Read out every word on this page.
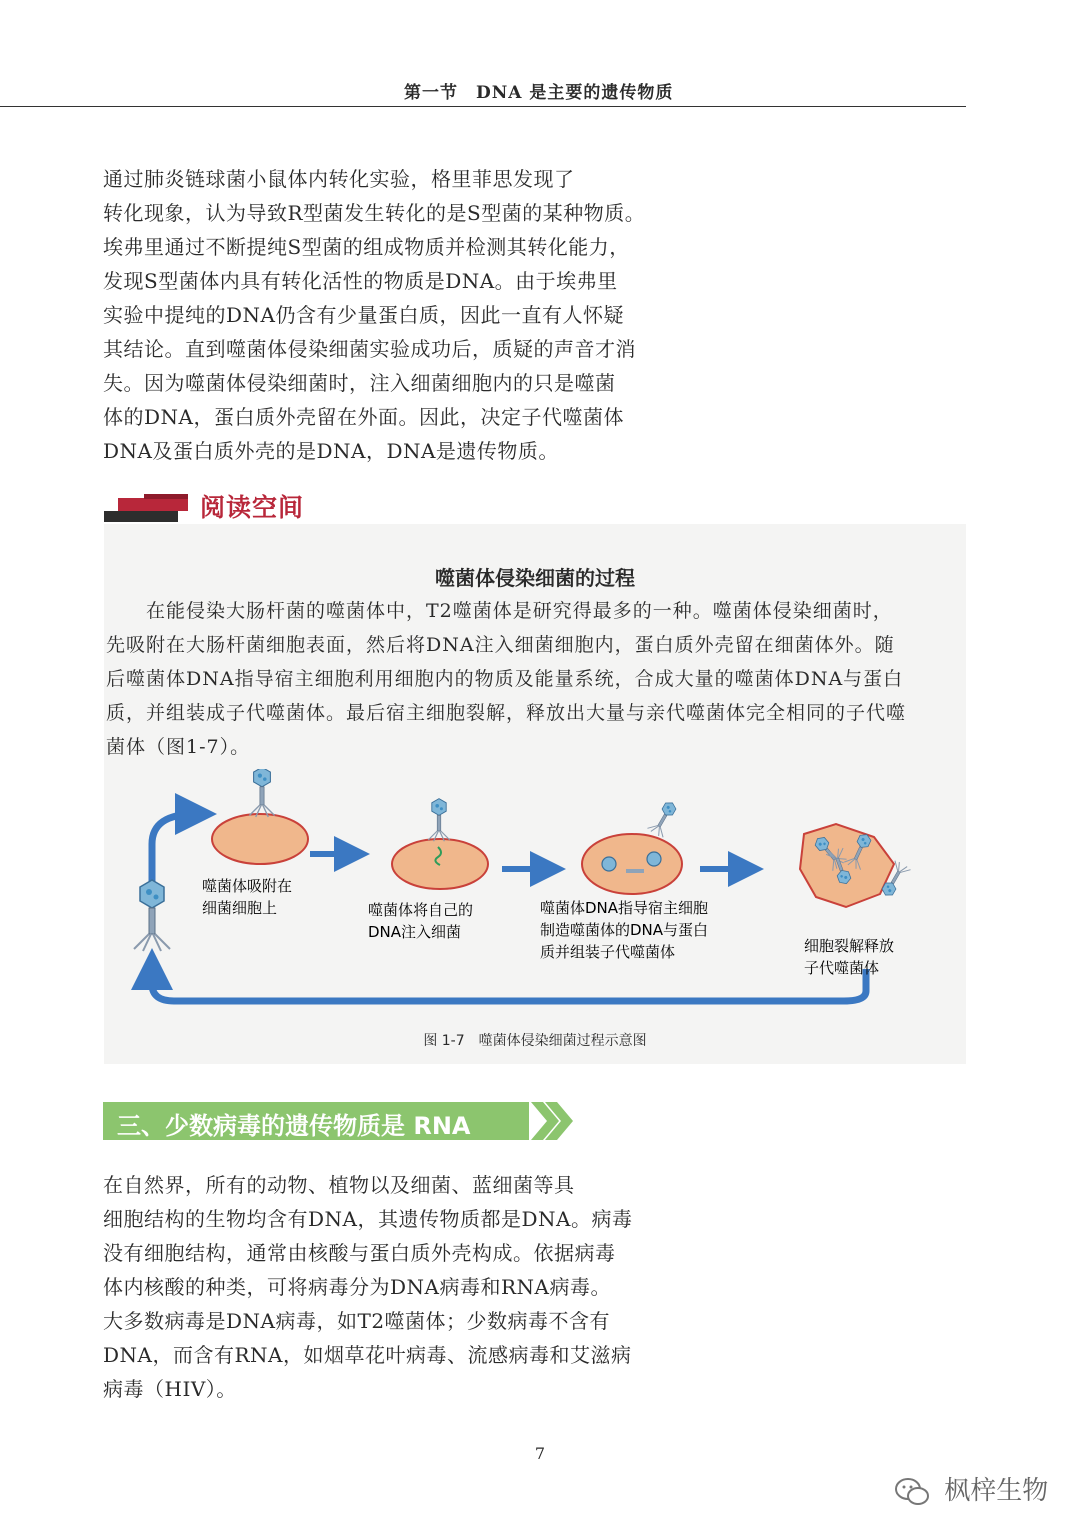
第一节　DNA 是主要的遗传物质

通过肺炎链球菌小鼠体内转化实验，格里菲思发现了
转化现象，认为导致R型菌发生转化的是S型菌的某种物质。
埃弗里通过不断提纯S型菌的组成物质并检测其转化能力，
发现S型菌体内具有转化活性的物质是DNA。由于埃弗里
实验中提纯的DNA仍含有少量蛋白质，因此一直有人怀疑
其结论。直到噬菌体侵染细菌实验成功后，质疑的声音才消
失。因为噬菌体侵染细菌时，注入细菌细胞内的只是噬菌
体的DNA，蛋白质外壳留在外面。因此，决定子代噬菌体
DNA及蛋白质外壳的是DNA，DNA是遗传物质。

阅读空间
噬菌体侵染细菌的过程

　　在能侵染大肠杆菌的噬菌体中，T2噬菌体是研究得最多的一种。噬菌体侵染细菌时，
先吸附在大肠杆菌细胞表面，然后将DNA注入细菌细胞内，蛋白质外壳留在细菌体外。随
后噬菌体DNA指导宿主细胞利用细胞内的物质及能量系统，合成大量的噬菌体DNA与蛋白
质，并组装成子代噬菌体。最后宿主细胞裂解，释放出大量与亲代噬菌体完全相同的子代噬
菌体（图1-7）。

噬菌体吸附在
细菌细胞上	噬菌体将自己的
DNA注入细菌
噬菌体DNA指导宿主细胞
制造噬菌体的DNA与蛋白
质并组装子代噬菌体	细胞裂解释放
子代噬菌体
图 1-7　噬菌体侵染细菌过程示意图
三、少数病毒的遗传物质是 RNA

在自然界，所有的动物、植物以及细菌、蓝细菌等具
细胞结构的生物均含有DNA，其遗传物质都是DNA。病毒
没有细胞结构，通常由核酸与蛋白质外壳构成。依据病毒
体内核酸的种类，可将病毒分为DNA病毒和RNA病毒。
大多数病毒是DNA病毒，如T2噬菌体；少数病毒不含有
DNA，而含有RNA，如烟草花叶病毒、流感病毒和艾滋病
病毒（HIV）。

7
枫梓生物
